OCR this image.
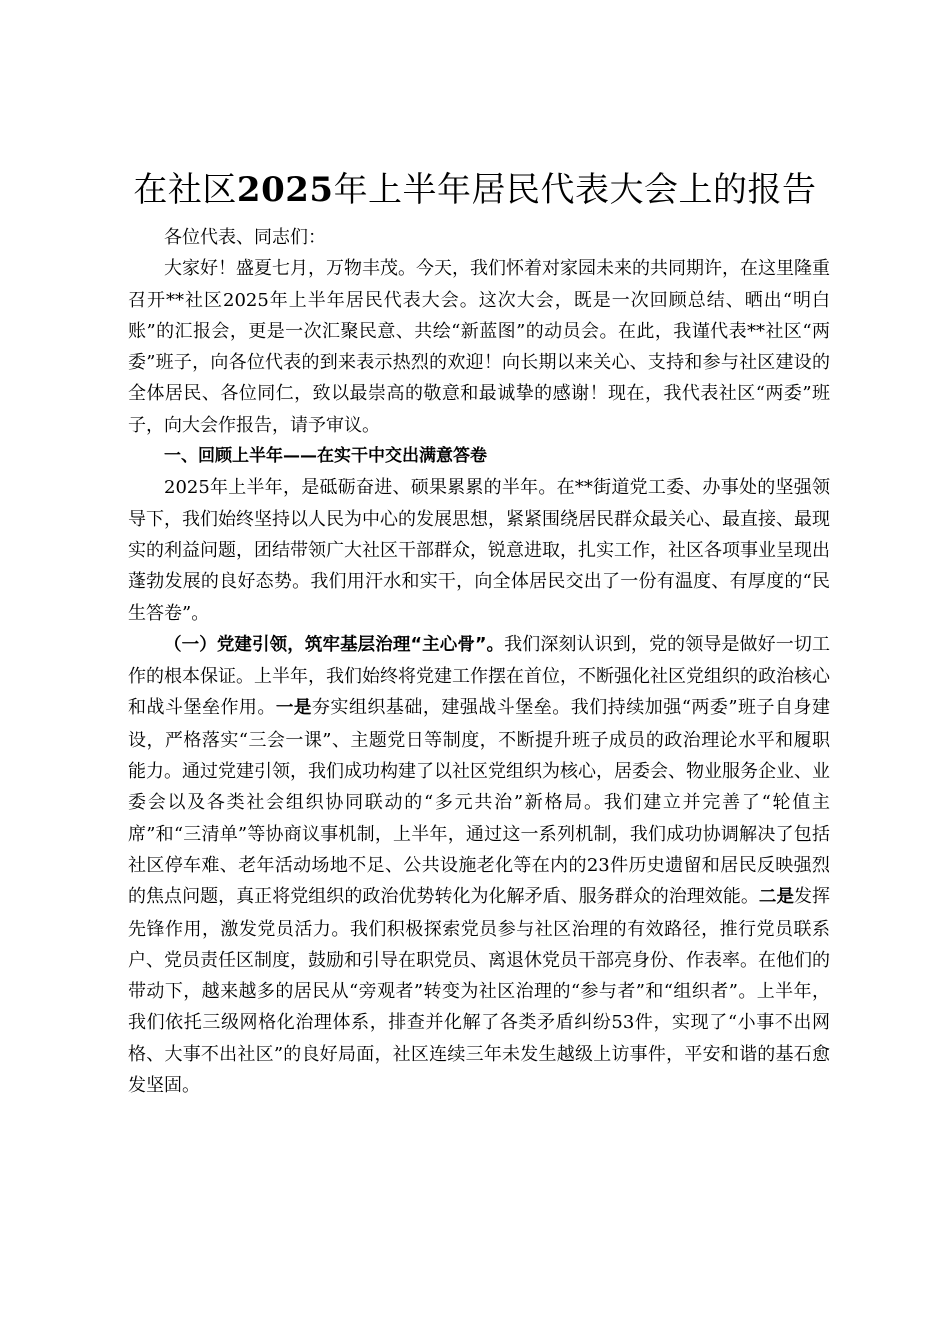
在社区2025年上半年居民代表大会上的报告

各位代表、同志们：

大家好！盛夏七月，万物丰茂。今天，我们怀着对家园未来的共同期许，在这里隆重召开**社区2025年上半年居民代表大会。这次大会，既是一次回顾总结、晒出“明白账”的汇报会，更是一次汇聚民意、共绘“新蓝图”的动员会。在此，我谨代表**社区“两委”班子，向各位代表的到来表示热烈的欢迎！向长期以来关心、支持和参与社区建设的全体居民、各位同仁，致以最崇高的敬意和最诚挚的感谢！现在，我代表社区“两委”班子，向大会作报告，请予审议。

一、回顾上半年——在实干中交出满意答卷

2025年上半年，是砥砺奋进、硕果累累的半年。在**街道党工委、办事处的坚强领导下，我们始终坚持以人民为中心的发展思想，紧紧围绕居民群众最关心、最直接、最现实的利益问题，团结带领广大社区干部群众，锐意进取，扎实工作，社区各项事业呈现出蓬勃发展的良好态势。我们用汗水和实干，向全体居民交出了一份有温度、有厚度的“民生答卷”。

（一）党建引领，筑牢基层治理“主心骨”。我们深刻认识到，党的领导是做好一切工作的根本保证。上半年，我们始终将党建工作摆在首位，不断强化社区党组织的政治核心和战斗堡垒作用。一是夯实组织基础，建强战斗堡垒。我们持续加强“两委”班子自身建设，严格落实“三会一课”、主题党日等制度，不断提升班子成员的政治理论水平和履职能力。通过党建引领，我们成功构建了以社区党组织为核心，居委会、物业服务企业、业委会以及各类社会组织协同联动的“多元共治”新格局。我们建立并完善了“轮值主席”和“三清单”等协商议事机制，上半年，通过这一系列机制，我们成功协调解决了包括社区停车难、老年活动场地不足、公共设施老化等在内的23件历史遗留和居民反映强烈的焦点问题，真正将党组织的政治优势转化为化解矛盾、服务群众的治理效能。二是发挥先锋作用，激发党员活力。我们积极探索党员参与社区治理的有效路径，推行党员联系户、党员责任区制度，鼓励和引导在职党员、离退休党员干部亮身份、作表率。在他们的带动下，越来越多的居民从“旁观者”转变为社区治理的“参与者”和“组织者”。上半年，我们依托三级网格化治理体系，排查并化解了各类矛盾纠纷53件，实现了“小事不出网格、大事不出社区”的良好局面，社区连续三年未发生越级上访事件，平安和谐的基石愈发坚固。
